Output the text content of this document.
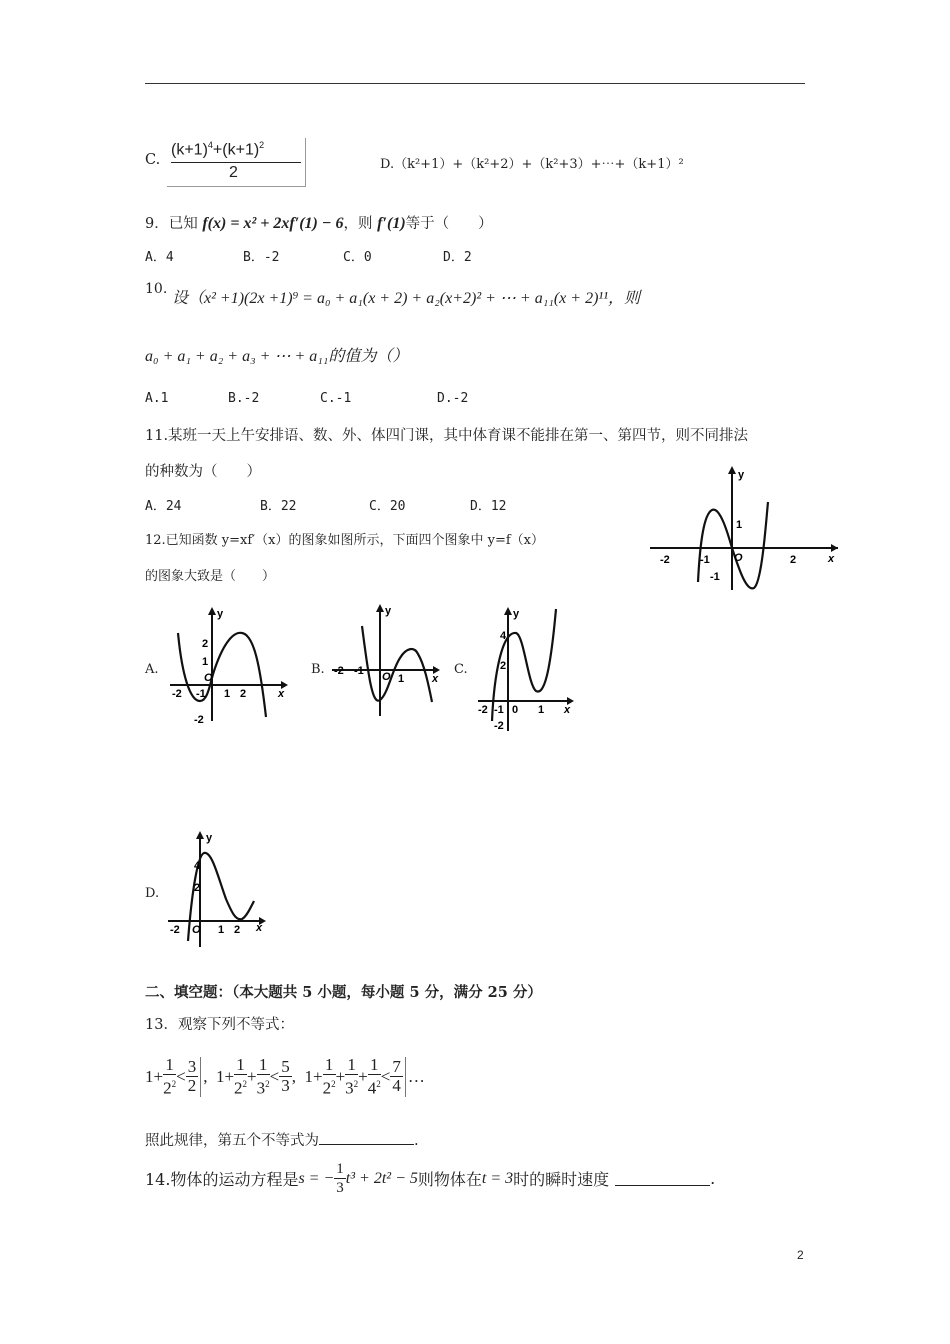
C.
$(k+1)^4+(k+1)^2$
2	D.（k²+1）+（k²+2）+（k²+3）+⋯+（k+1）²
9．已知 f(x) = x² + 2xf′(1) − 6，则 f′(1)等于（　　）
A．4	B．-2	C．0	D．2
10.
设（x² +1)(2x +1)⁹ = a₀ + a₁(x + 2) + a₂(x+2)² + ⋯ + a₁₁(x + 2)¹¹，则
a₀ + a₁ + a₂ + a₃ + ⋯ + a₁₁的值为（）
A.1	B.-2	C.-1	D.-2
11.某班一天上午安排语、数、外、体四门课，其中体育课不能排在第一、第四节，则不同排法
的种数为（　　）
A．24	B．22	C．20	D．12
12.已知函数 y=xf′（x）的图象如图所示，下面四个图象中 y=f（x）
的图象大致是（　　）
y
x
O
-2	-1
1
-1
2
A.
y
x
2
1
O
-2 -1 1 2
-2
B.
y
x
O
-2 -1
1
C.
y
x
4
2
-2 -1 0 1
-2
D.
y
x
4
2
-2 O 1 2
二、填空题：（本大题共 5 小题，每小题 5 分，满分 25 分）
13．观察下列不等式：
$1+ \frac{1}{2^2} < \frac{3}{2}$ ,  $1+ \frac{1}{2^2} + \frac{1}{3^2} < \frac{5}{3}$ ,  $1+ \frac{1}{2^2} + \frac{1}{3^2} + \frac{1}{4^2} < \frac{7}{4}$ …
照此规律，第五个不等式为	.
14.物体的运动方程是 s = − $\frac{1}{3} t^3 + 2t^2 - 5$ 则物体在 t = 3 时的瞬时速度	.
2
